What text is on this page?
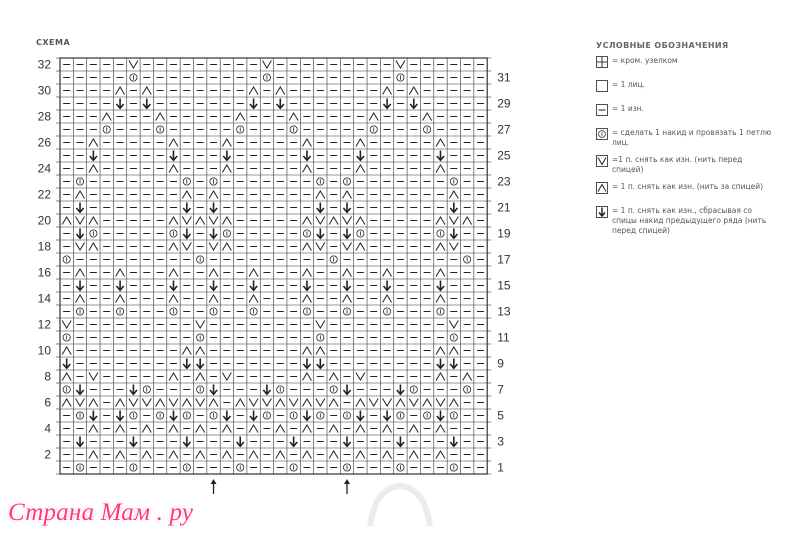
СХЕМА
2
4
6
8
10
12
14
16
18
20
22
24
26
28
30
32
1
3
5
7
9
11
13
15
17
19
21
23
25
27
29
31
УСЛОВНЫЕ ОБОЗНАЧЕНИЯ
= кром. узелком
= 1 лиц.
= 1 изн.
= сделать 1 накид и провязать 1 петлю лиц.
=1 п. снять как изн. (нить перед спицей)
= 1 п. снять как изн. (нить за спицей)
= 1 п. снять как изн., сбрасывая со спицы накид предыдущего ряда (нить перед спицей)
Страна Мам . ру
